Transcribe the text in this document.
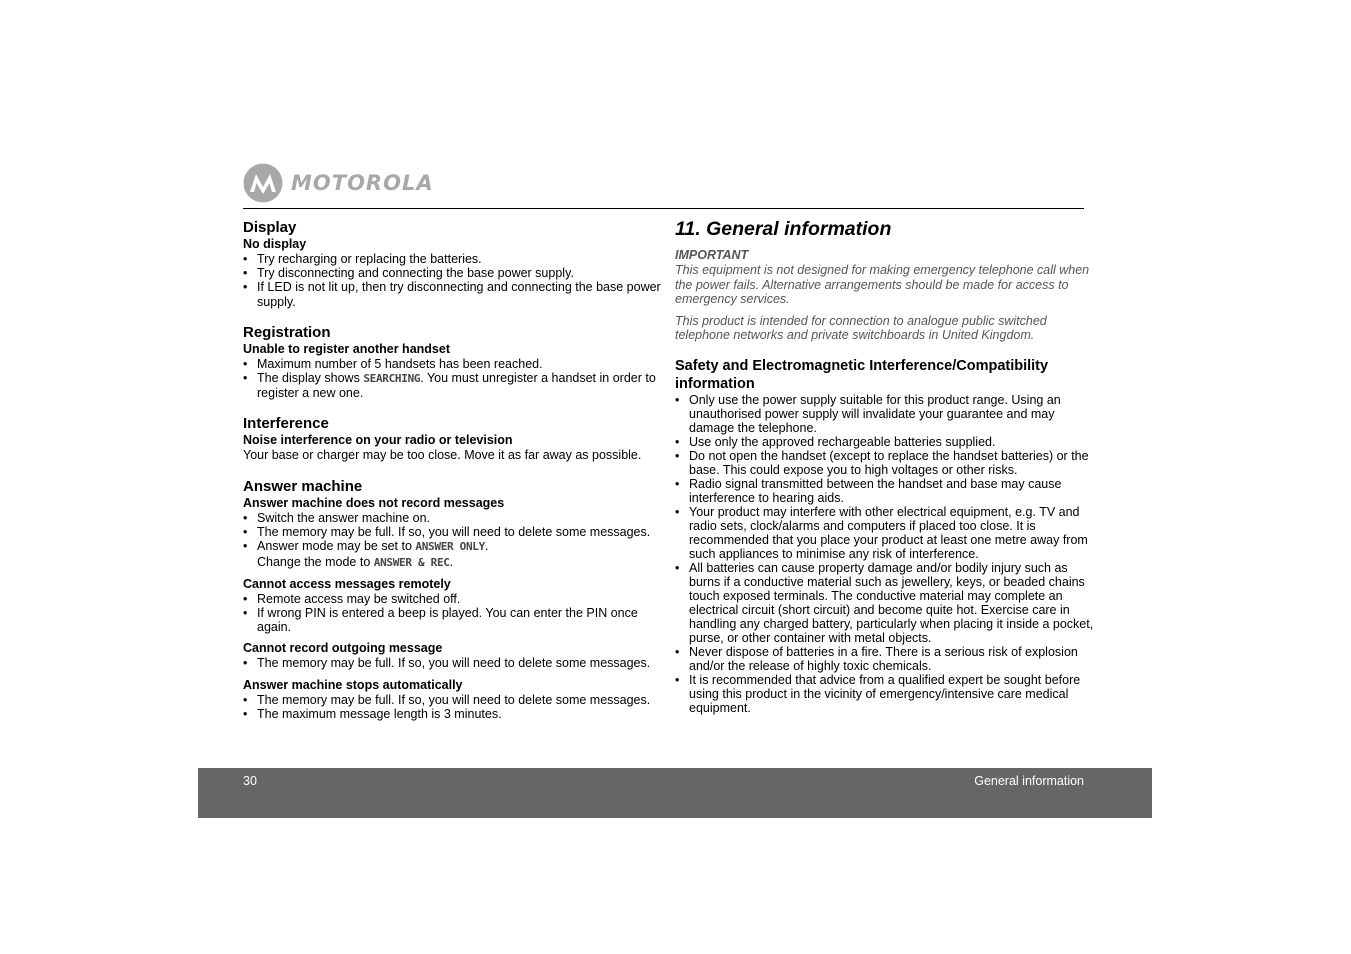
MOTOROLA
Display
No display
• Try recharging or replacing the batteries.
• Try disconnecting and connecting the base power supply.
• If LED is not lit up, then try disconnecting and connecting the base power supply.
Registration
Unable to register another handset
• Maximum number of 5 handsets has been reached.
• The display shows SEARCHING. You must unregister a handset in order to register a new one.
Interference
Noise interference on your radio or television

Your base or charger may be too close. Move it as far away as possible.

Answer machine
Answer machine does not record messages
• Switch the answer machine on.
• The memory may be full. If so, you will need to delete some messages.
• Answer mode may be set to ANSWER ONLY.
Change the mode to ANSWER & REC.
Cannot access messages remotely
• Remote access may be switched off.
• If wrong PIN is entered a beep is played. You can enter the PIN once again.
Cannot record outgoing message
• The memory may be full. If so, you will need to delete some messages.
Answer machine stops automatically
• The memory may be full. If so, you will need to delete some messages.
• The maximum message length is 3 minutes.
11. General information

IMPORTANT

This equipment is not designed for making emergency telephone call when the power fails. Alternative arrangements should be made for access to emergency services.

This product is intended for connection to analogue public switched telephone networks and private switchboards in United Kingdom.

Safety and Electromagnetic Interference/Compatibility information
• Only use the power supply suitable for this product range. Using an unauthorised power supply will invalidate your guarantee and may damage the telephone.
• Use only the approved rechargeable batteries supplied.
• Do not open the handset (except to replace the handset batteries) or the base. This could expose you to high voltages or other risks.
• Radio signal transmitted between the handset and base may cause interference to hearing aids.
• Your product may interfere with other electrical equipment, e.g. TV and radio sets, clock/alarms and computers if placed too close. It is recommended that you place your product at least one metre away from such appliances to minimise any risk of interference.
• All batteries can cause property damage and/or bodily injury such as burns if a conductive material such as jewellery, keys, or beaded chains touch exposed terminals. The conductive material may complete an electrical circuit (short circuit) and become quite hot. Exercise care in handling any charged battery, particularly when placing it inside a pocket, purse, or other container with metal objects.
• Never dispose of batteries in a fire. There is a serious risk of explosion and/or the release of highly toxic chemicals.
• It is recommended that advice from a qualified expert be sought before using this product in the vicinity of emergency/intensive care medical equipment.
30	General information
